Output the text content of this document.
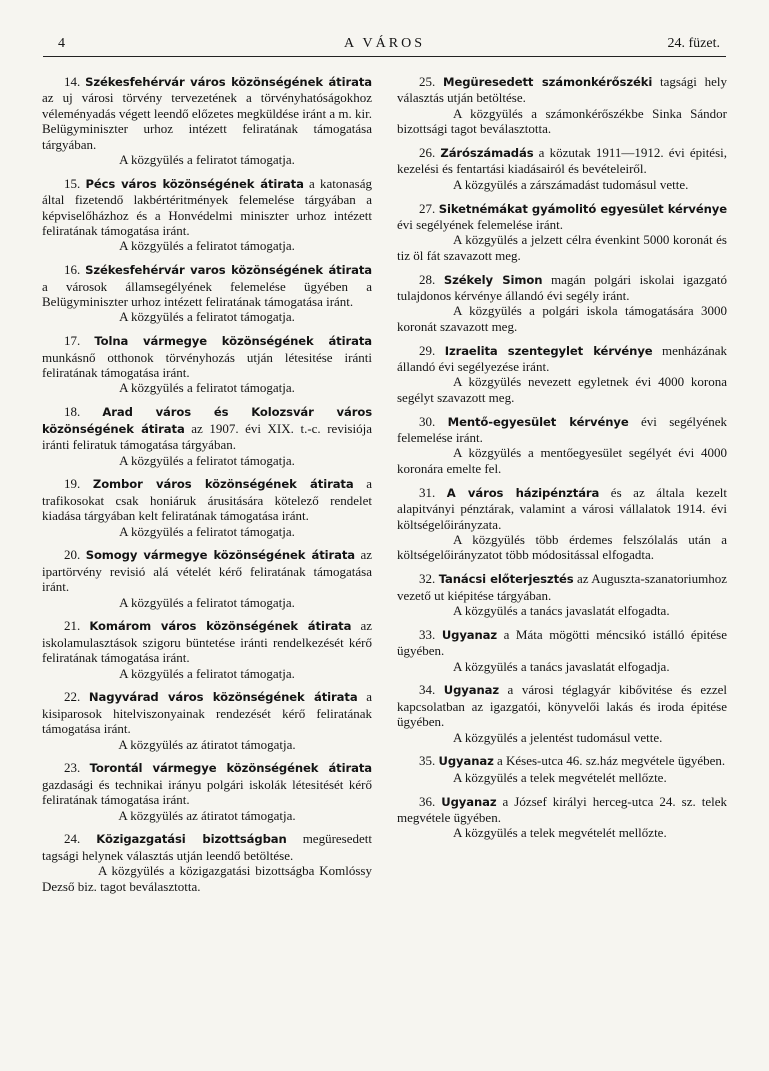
4	A VÁROS	24. füzet.

14. Székesfehérvár város közönségének átirata az uj városi törvény tervezetének a törvényhatóságokhoz véleményadás végett leendő előzetes megküldése iránt a m. kir. Belügyminiszter urhoz intézett feliratának támogatása tárgyában.

A közgyülés a feliratot támogatja.

15. Pécs város közönségének átirata a katonaság által fizetendő lakbértéritmények felemelése tárgyában a képviselőházhoz és a Honvédelmi miniszter urhoz intézett feliratának támogatása iránt.

A közgyülés a feliratot támogatja.

16. Székesfehérvár varos közönségének átirata a városok államsegélyének felemelése ügyében a Belügyminiszter urhoz intézett feliratának támogatása iránt.

A közgyülés a feliratot támogatja.

17. Tolna vármegye közönségének átirata munkásnő otthonok törvényhozás utján létesitése iránti feliratának támogatása iránt.

A közgyülés a feliratot támogatja.

18. Arad város és Kolozsvár város közönségének átirata az 1907. évi XIX. t.-c. revisiója iránti feliratuk támogatása tárgyában.

A közgyülés a feliratot támogatja.

19. Zombor város közönségének átirata a trafikosokat csak honiáruk árusitására kötelező rendelet kiadása tárgyában kelt feliratának támogatása iránt.

A közgyülés a feliratot támogatja.

20. Somogy vármegye közönségének átirata az ipartörvény revisió alá vételét kérő feliratának támogatása iránt.

A közgyülés a feliratot támogatja.

21. Komárom város közönségének átirata az iskolamulasztások szigoru büntetése iránti rendelkezését kérő feliratának támogatása iránt.

A közgyülés a feliratot támogatja.

22. Nagyvárad város közönségének átirata a kisiparosok hitelviszonyainak rendezését kérő feliratának támogatása iránt.

A közgyülés az átiratot támogatja.

23. Torontál vármegye közönségének átirata gazdasági és technikai irányu polgári iskolák létesitését kérő feliratának támogatása iránt.

A közgyülés az átiratot támogatja.

24. Közigazgatási bizottságban megüresedett tagsági helynek választás utján leendő betöltése.

A közgyülés a közigazgatási bizottságba Komlóssy Dezső biz. tagot beválasztotta.

25. Megüresedett számonkérőszéki tagsági hely választás utján betöltése.

A közgyülés a számonkérőszékbe Sinka Sándor bizottsági tagot beválasztotta.

26. Zárószámadás a közutak 1911—1912. évi épitési, kezelési és fentartási kiadásairól és bevételeiről.

A közgyülés a zárszámadást tudomásul vette.

27. Siketnémákat gyámolitó egyesület kérvénye évi segélyének felemelése iránt.

A közgyülés a jelzett célra évenkint 5000 koronát és tiz öl fát szavazott meg.

28. Székely Simon magán polgári iskolai igazgató tulajdonos kérvénye állandó évi segély iránt.

A közgyülés a polgári iskola támogatására 3000 koronát szavazott meg.

29. Izraelita szentegylet kérvénye menházának állandó évi segélyezése iránt.

A közgyülés nevezett egyletnek évi 4000 korona segélyt szavazott meg.

30. Mentő-egyesület kérvénye évi segélyének felemelése iránt.

A közgyülés a mentőegyesület segélyét évi 4000 koronára emelte fel.

31. A város házipénztára és az általa kezelt alapitványi pénztárak, valamint a városi vállalatok 1914. évi költségelőirányzata.

A közgyülés több érdemes felszólalás után a költségelőirányzatot több módositással elfogadta.

32. Tanácsi előterjesztés az Auguszta-szanatoriumhoz vezető ut kiépitése tárgyában.

A közgyülés a tanács javaslatát elfogadta.

33. Ugyanaz a Máta mögötti méncsikó istálló épitése ügyében.

A közgyülés a tanács javaslatát elfogadja.

34. Ugyanaz a városi téglagyár kibővitése és ezzel kapcsolatban az igazgatói, könyvelői lakás és iroda épitése ügyében.

A közgyülés a jelentést tudomásul vette.

35. Ugyanaz a Késes-utca 46. sz.ház megvétele ügyében.

A közgyülés a telek megvételét mellőzte.

36. Ugyanaz a József királyi herceg-utca 24. sz. telek megvétele ügyében.

A közgyülés a telek megvételét mellőzte.
